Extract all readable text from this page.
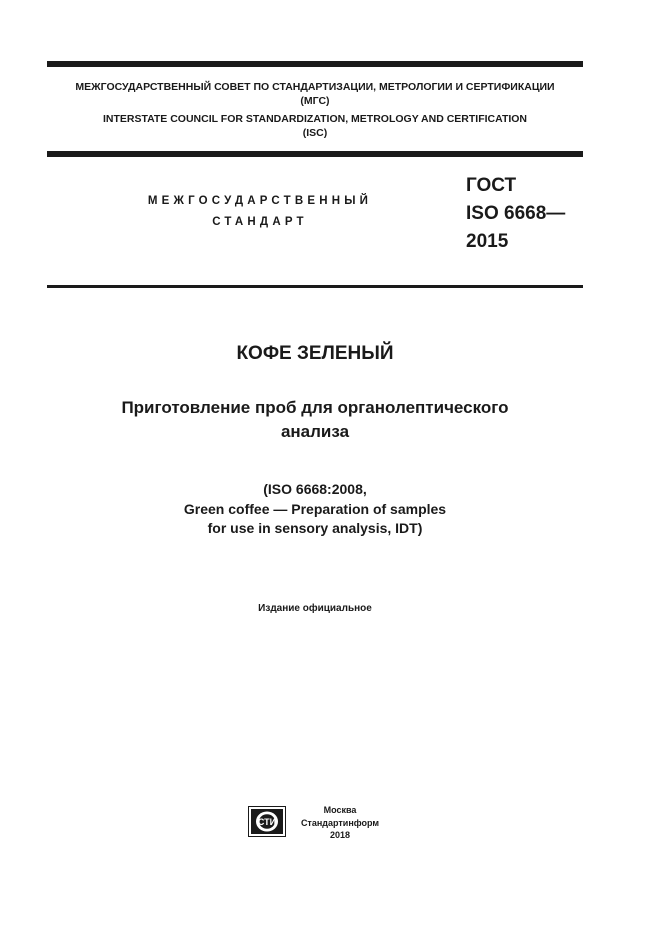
МЕЖГОСУДАРСТВЕННЫЙ СОВЕТ ПО СТАНДАРТИЗАЦИИ, МЕТРОЛОГИИ И СЕРТИФИКАЦИИ
(МГС)
INTERSTATE COUNCIL FOR STANDARDIZATION, METROLOGY AND CERTIFICATION
(ISC)
МЕЖГОСУДАРСТВЕННЫЙ
СТАНДАРТ
ГОСТ
ISO 6668—
2015
КОФЕ ЗЕЛЕНЫЙ
Приготовление проб для органолептического
анализа
(ISO 6668:2008,
Green coffee — Preparation of samples
for use in sensory analysis, IDT)
Издание официальное
СТИ
Москва
Стандартинформ
2018
